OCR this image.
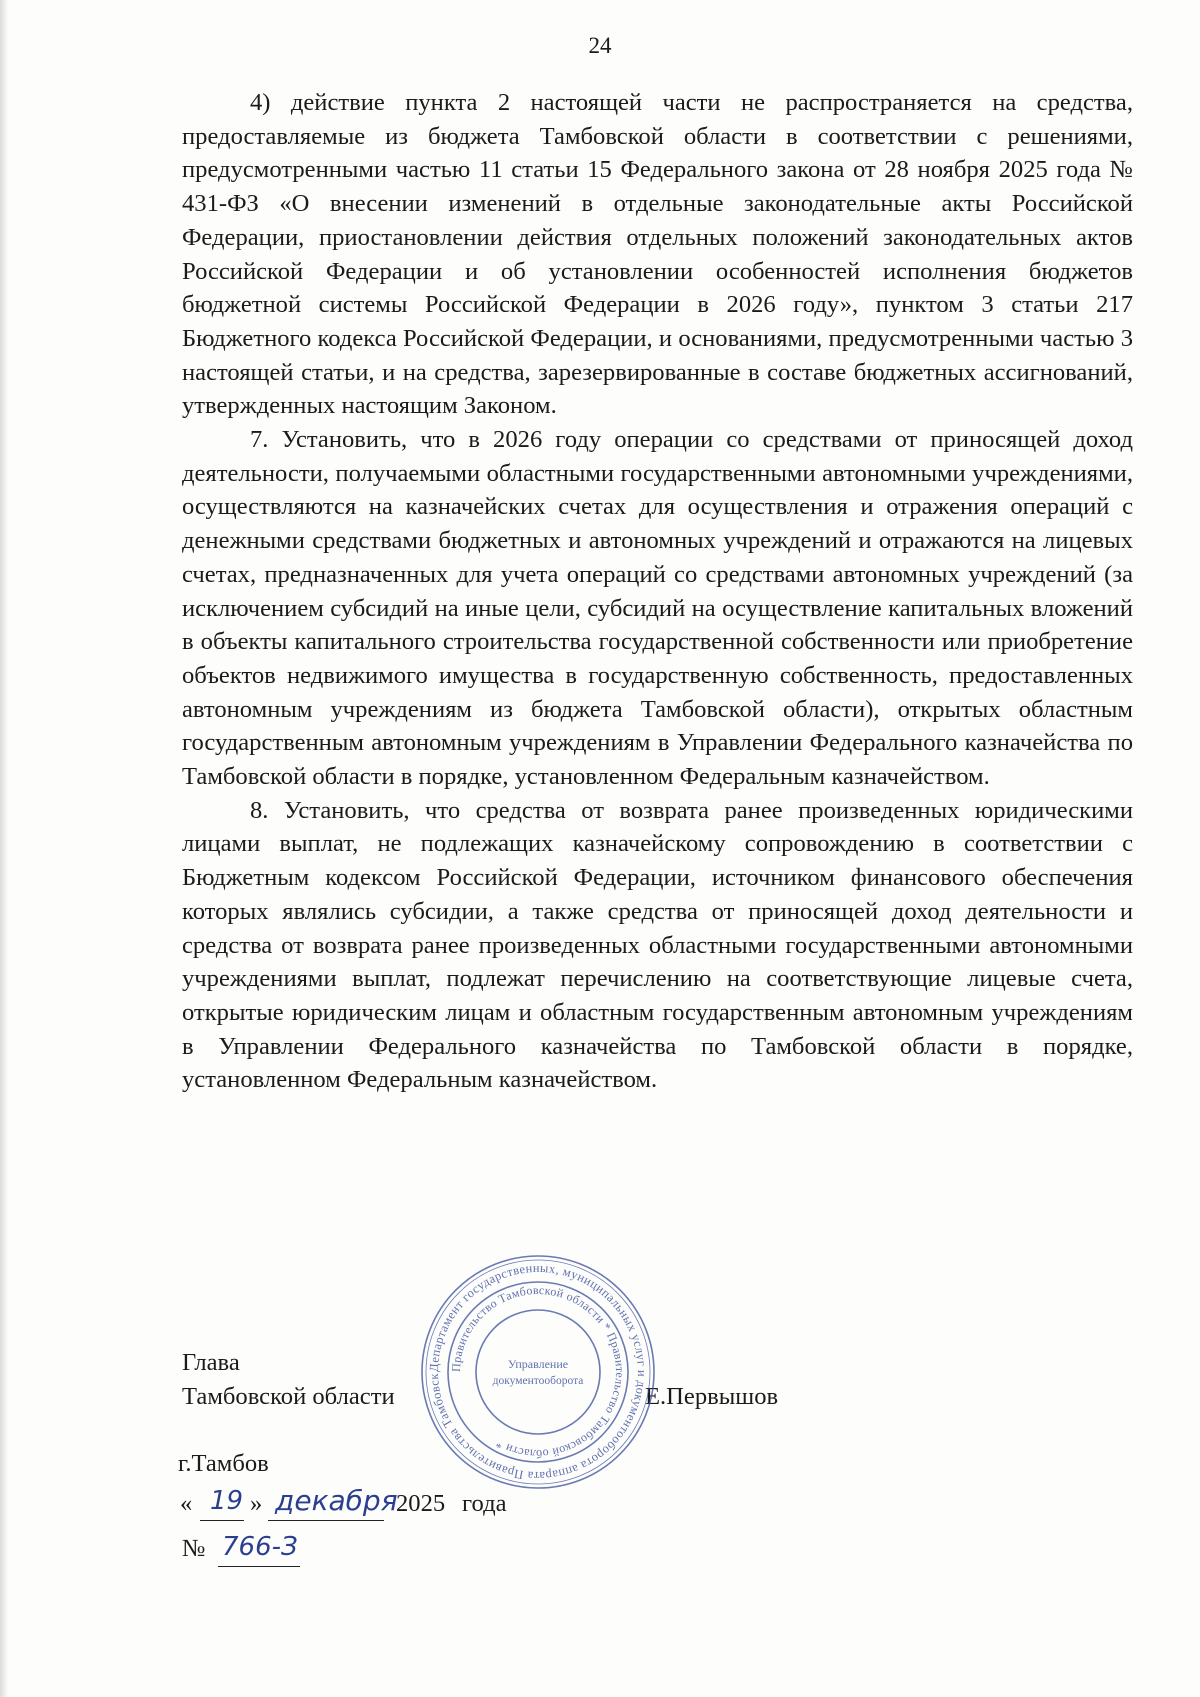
24

4) действие пункта 2 настоящей части не распространяется на средства, предоставляемые из бюджета Тамбовской области в соответствии с решениями, предусмотренными частью 11 статьи 15 Федерального закона от 28 ноября 2025 года № 431-ФЗ «О внесении изменений в отдельные законодательные акты Российской Федерации, приостановлении действия отдельных положений законодательных актов Российской Федерации и об установлении особенностей исполнения бюджетов бюджетной системы Российской Федерации в 2026 году», пунктом 3 статьи 217 Бюджетного кодекса Российской Федерации, и основаниями, предусмотренными частью 3 настоящей статьи, и на средства, зарезервированные в составе бюджетных ассигнований, утвержденных настоящим Законом.

7. Установить, что в 2026 году операции со средствами от приносящей доход деятельности, получаемыми областными государственными автономными учреждениями, осуществляются на казначейских счетах для осуществления и отражения операций с денежными средствами бюджетных и автономных учреждений и отражаются на лицевых счетах, предназначенных для учета операций со средствами автономных учреждений (за исключением субсидий на иные цели, субсидий на осуществление капитальных вложений в объекты капитального строительства государственной собственности или приобретение объектов недвижимого имущества в государственную собственность, предоставленных автономным учреждениям из бюджета Тамбовской области), открытых областным государственным автономным учреждениям в Управлении Федерального казначейства по Тамбовской области в порядке, установленном Федеральным казначейством.

8. Установить, что средства от возврата ранее произведенных юридическими лицами выплат, не подлежащих казначейскому сопровождению в соответствии с Бюджетным кодексом Российской Федерации, источником финансового обеспечения которых являлись субсидии, а также средства от приносящей доход деятельности и средства от возврата ранее произведенных областными государственными автономными учреждениями выплат, подлежат перечислению на соответствующие лицевые счета, открытые юридическим лицам и областным государственным автономным учреждениям в Управлении Федерального казначейства по Тамбовской области в порядке, установленном Федеральным казначейством.

Глава
Тамбовской области	Е.Первышов
г.Тамбов
« 19 » декабря
2025 года
№ 766-З
Департамент государственных, муниципальных услуг и документооборота аппарата Правительства Тамбовск
Правительство Тамбовской области * Правительство Тамбовской области *
Управление
документооборота
